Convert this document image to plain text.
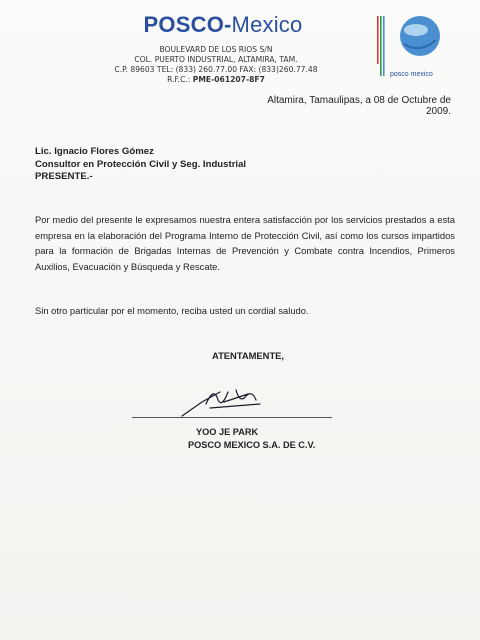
POSCO-Mexico
BOULEVARD DE LOS RIOS S/N
COL. PUERTO INDUSTRIAL, ALTAMIRA, TAM.
C.P. 89603 TEL: (833) 260.77.00 FAX: (833)260.77.48
R.F.C.: PME-061207-8F7
posco mexico
Altamira, Tamaulipas, a 08 de Octubre de 2009.
Lic. Ignacio Flores Gómez
Consultor en Protección Civil y Seg. Industrial
PRESENTE.-

Por medio del presente le expresamos nuestra entera satisfacción por los servicios prestados a esta empresa en la elaboración del Programa Interno de Protección Civil, así como los cursos impartidos para la formación de Brigadas Internas de Prevención y Combate contra Incendios, Primeros Auxilios, Evacuación y Búsqueda y Rescate.

Sin otro particular por el momento, reciba usted un cordial saludo.
ATENTAMENTE,
YOO JE PARK
POSCO MEXICO S.A. DE C.V.
